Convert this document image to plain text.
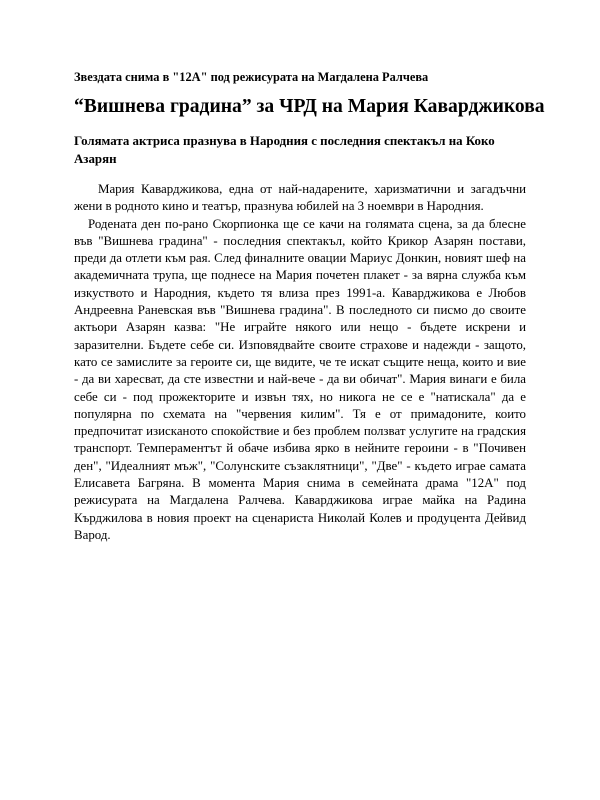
Звездата снима в "12А" под режисурата на Магдалена Ралчева
“Вишнева градина” за ЧРД на Мария Каварджикова
Голямата актриса празнува в Народния с последния спектакъл на Коко Азарян

Мария Каварджикова, една от най-надарените, харизматични и загадъчни жени в родното кино и театър, празнува юбилей на 3 ноември в Народния.

Родената ден по-рано Скорпионка ще се качи на голямата сцена, за да блесне във "Вишнева градина" - последния спектакъл, който Крикор Азарян постави, преди да отлети към рая. След финалните овации Мариус Донкин, новият шеф на академичната трупа, ще поднесе на Мария почетен плакет - за вярна служба към изкуството и Народния, където тя влиза през 1991-а. Каварджикова е Любов Андреевна Раневская във "Вишнева градина". В последното си писмо до своите актьори Азарян казва: "Не играйте някого или нещо - бъдете искрени и заразителни. Бъдете себе си. Изповядвайте своите страхове и надежди - защото, като се замислите за героите си, ще видите, че те искат същите неща, които и вие - да ви харесват, да сте известни и най-вече - да ви обичат". Мария винаги е била себе си - под прожекторите и извън тях, но никога не се е "натискала" да е популярна по схемата на "червения килим". Тя е от примадоните, които предпочитат изисканото спокойствие и без проблем ползват услугите на градския транспорт. Темпераментът й обаче избива ярко в нейните героини - в "Почивен ден", "Идеалният мъж", "Солунските съзаклятници", "Две" - където играе самата Елисавета Багряна. В момента Мария снима в семейната драма "12А" под режисурата на Магдалена Ралчева. Каварджикова играе майка на Радина Кърджилова в новия проект на сценариста Николай Колев и продуцента Дейвид Варод.
